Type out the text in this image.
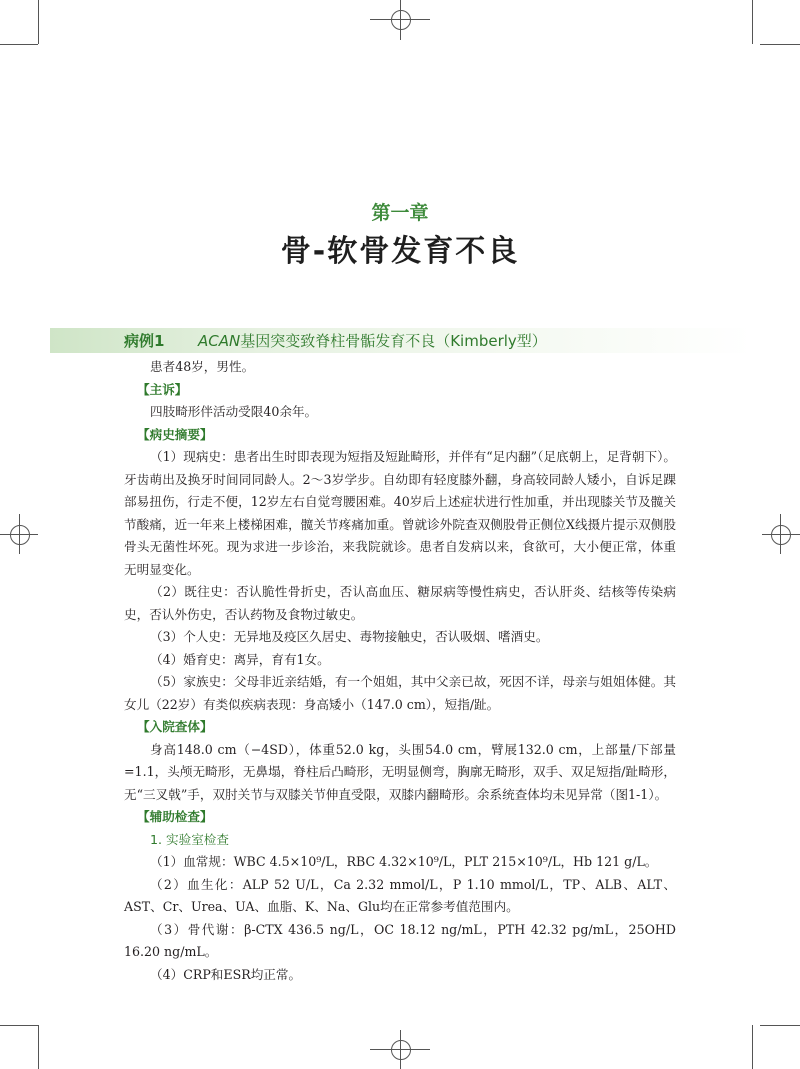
第一章
骨-软骨发育不良
病例1 ACAN基因突变致脊柱骨骺发育不良（Kimberly型）

患者48岁，男性。

【主诉】

四肢畸形伴活动受限40余年。

【病史摘要】

（1）现病史：患者出生时即表现为短指及短趾畸形，并伴有“足内翻”（足底朝上，足背朝下）。牙齿萌出及换牙时间同同龄人。2～3岁学步。自幼即有轻度膝外翻，身高较同龄人矮小，自诉足踝部易扭伤，行走不便，12岁左右自觉弯腰困难。40岁后上述症状进行性加重，并出现膝关节及髋关节酸痛，近一年来上楼梯困难，髋关节疼痛加重。曾就诊外院查双侧股骨正侧位X线摄片提示双侧股骨头无菌性坏死。现为求进一步诊治，来我院就诊。患者自发病以来，食欲可，大小便正常，体重无明显变化。

（2）既往史：否认脆性骨折史，否认高血压、糖尿病等慢性病史，否认肝炎、结核等传染病史，否认外伤史，否认药物及食物过敏史。

（3）个人史：无异地及疫区久居史、毒物接触史，否认吸烟、嗜酒史。

（4）婚育史：离异，育有1女。

（5）家族史：父母非近亲结婚，有一个姐姐，其中父亲已故，死因不详，母亲与姐姐体健。其女儿（22岁）有类似疾病表现：身高矮小（147.0 cm），短指/趾。

【入院查体】

身高148.0 cm（−4SD），体重52.0 kg，头围54.0 cm，臂展132.0 cm，上部量/下部量=1.1，头颅无畸形，无鼻塌，脊柱后凸畸形，无明显侧弯，胸廓无畸形，双手、双足短指/趾畸形，无“三叉戟”手，双肘关节与双膝关节伸直受限，双膝内翻畸形。余系统查体均未见异常（图1-1）。

【辅助检查】

1. 实验室检查

（1）血常规：WBC 4.5×10⁹/L，RBC 4.32×10⁹/L，PLT 215×10⁹/L，Hb 121 g/L。

（2）血生化：ALP 52 U/L，Ca 2.32 mmol/L，P 1.10 mmol/L，TP、ALB、ALT、AST、Cr、Urea、UA、血脂、K、Na、Glu均在正常参考值范围内。

（3）骨代谢：β-CTX 436.5 ng/L，OC 18.12 ng/mL，PTH 42.32 pg/mL，25OHD 16.20 ng/mL。

（4）CRP和ESR均正常。
